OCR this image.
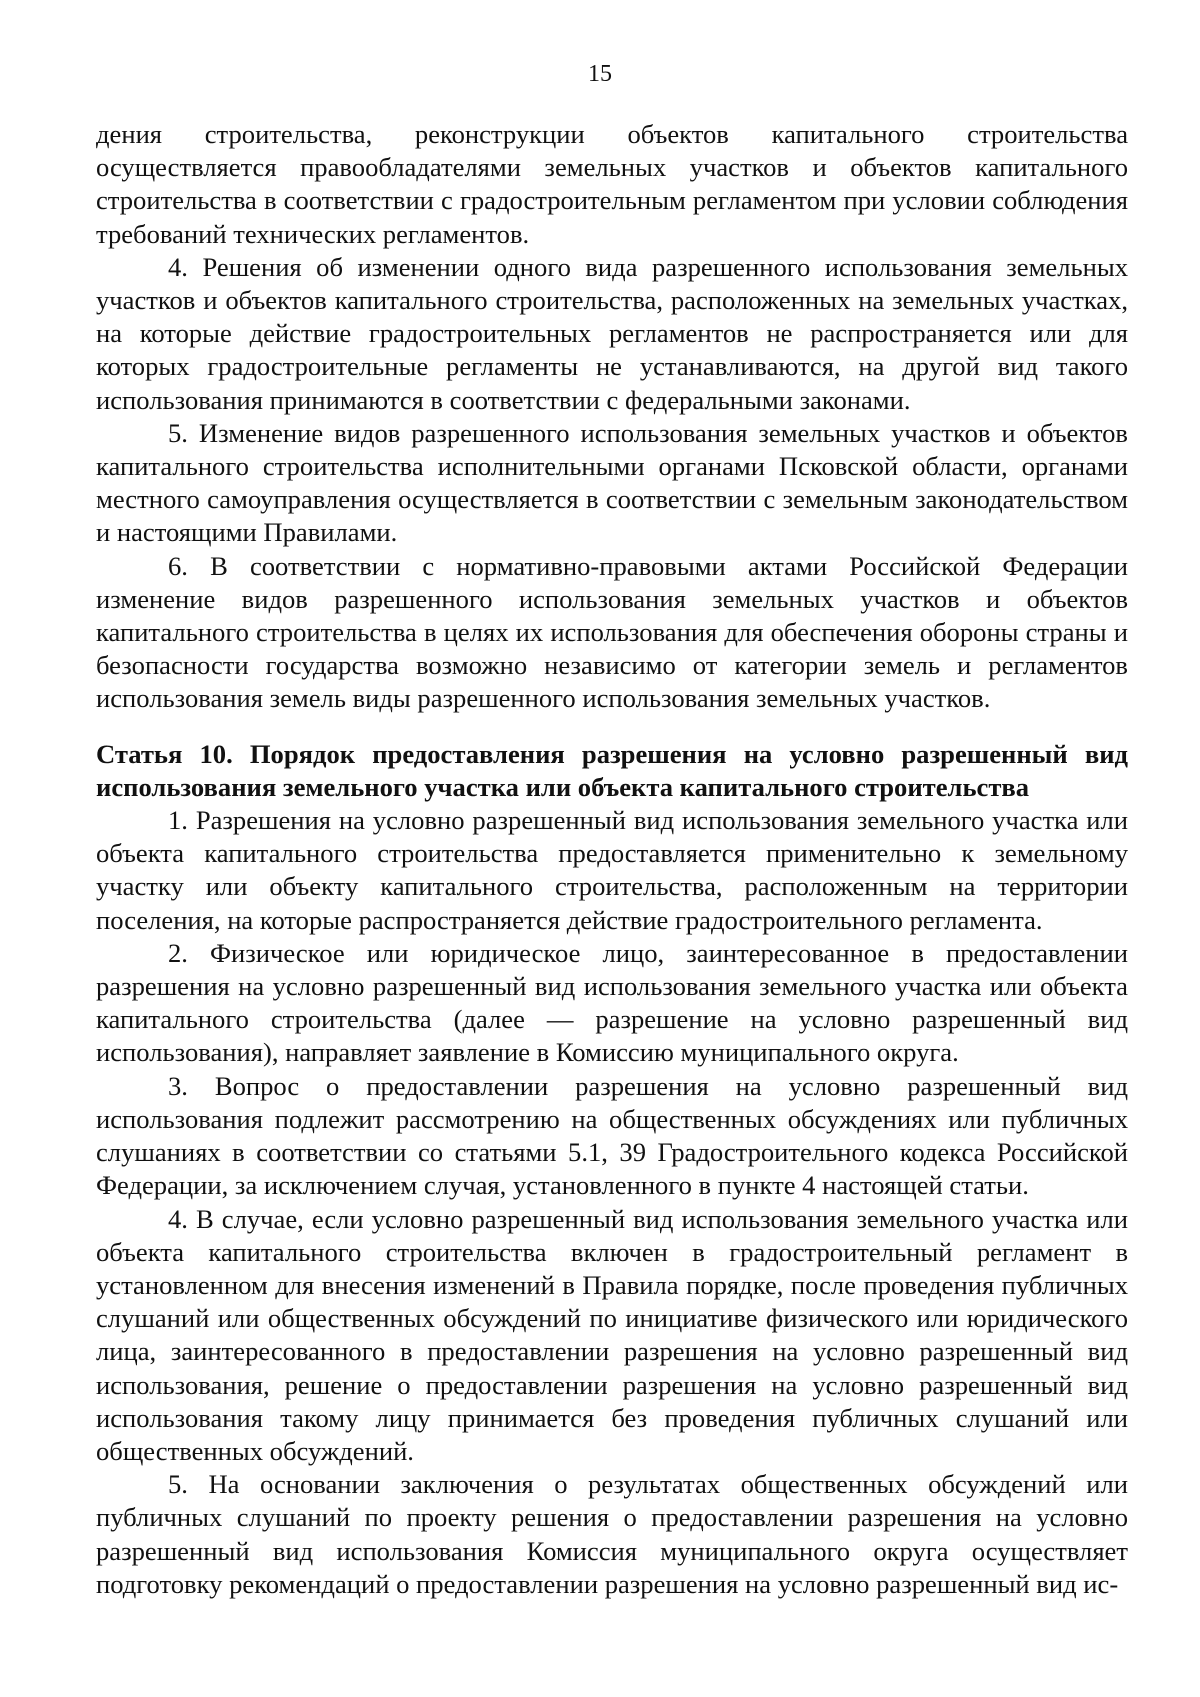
15

дения строительства, реконструкции объектов капитального строительства осуществляется правообладателями земельных участков и объектов капитального строительства в соответствии с градостроительным регламентом при условии соблюдения требований технических регламентов.

4. Решения об изменении одного вида разрешенного использования земельных участков и объектов капитального строительства, расположенных на земельных участках, на которые действие градостроительных регламентов не распространяется или для которых градостроительные регламенты не устанавливаются, на другой вид такого использования принимаются в соответствии с федеральными законами.

5. Изменение видов разрешенного использования земельных участков и объектов капитального строительства исполнительными органами Псковской области, органами местного самоуправления осуществляется в соответствии с земельным законодательством и настоящими Правилами.

6. В соответствии с нормативно-правовыми актами Российской Федерации изменение видов разрешенного использования земельных участков и объектов капитального строительства в целях их использования для обеспечения обороны страны и безопасности государства возможно независимо от категории земель и регламентов использования земель виды разрешенного использования земельных участков.

Статья 10. Порядок предоставления разрешения на условно разрешенный вид использования земельного участка или объекта капитального строительства

1. Разрешения на условно разрешенный вид использования земельного участка или объекта капитального строительства предоставляется применительно к земельному участку или объекту капитального строительства, расположенным на территории поселения, на которые распространяется действие градостроительного регламента.

2. Физическое или юридическое лицо, заинтересованное в предоставлении разрешения на условно разрешенный вид использования земельного участка или объекта капитального строительства (далее — разрешение на условно разрешенный вид использования), направляет заявление в Комиссию муниципального округа.

3. Вопрос о предоставлении разрешения на условно разрешенный вид использования подлежит рассмотрению на общественных обсуждениях или публичных слушаниях в соответствии со статьями 5.1, 39 Градостроительного кодекса Российской Федерации, за исключением случая, установленного в пункте 4 настоящей статьи.

4. В случае, если условно разрешенный вид использования земельного участка или объекта капитального строительства включен в градостроительный регламент в установленном для внесения изменений в Правила порядке, после проведения публичных слушаний или общественных обсуждений по инициативе физического или юридического лица, заинтересованного в предоставлении разрешения на условно разрешенный вид использования, решение о предоставлении разрешения на условно разрешенный вид использования такому лицу принимается без проведения публичных слушаний или общественных обсуждений.

5. На основании заключения о результатах общественных обсуждений или публичных слушаний по проекту решения о предоставлении разрешения на условно разрешенный вид использования Комиссия муниципального округа осуществляет подготовку рекомендаций о предоставлении разрешения на условно разрешенный вид ис-
